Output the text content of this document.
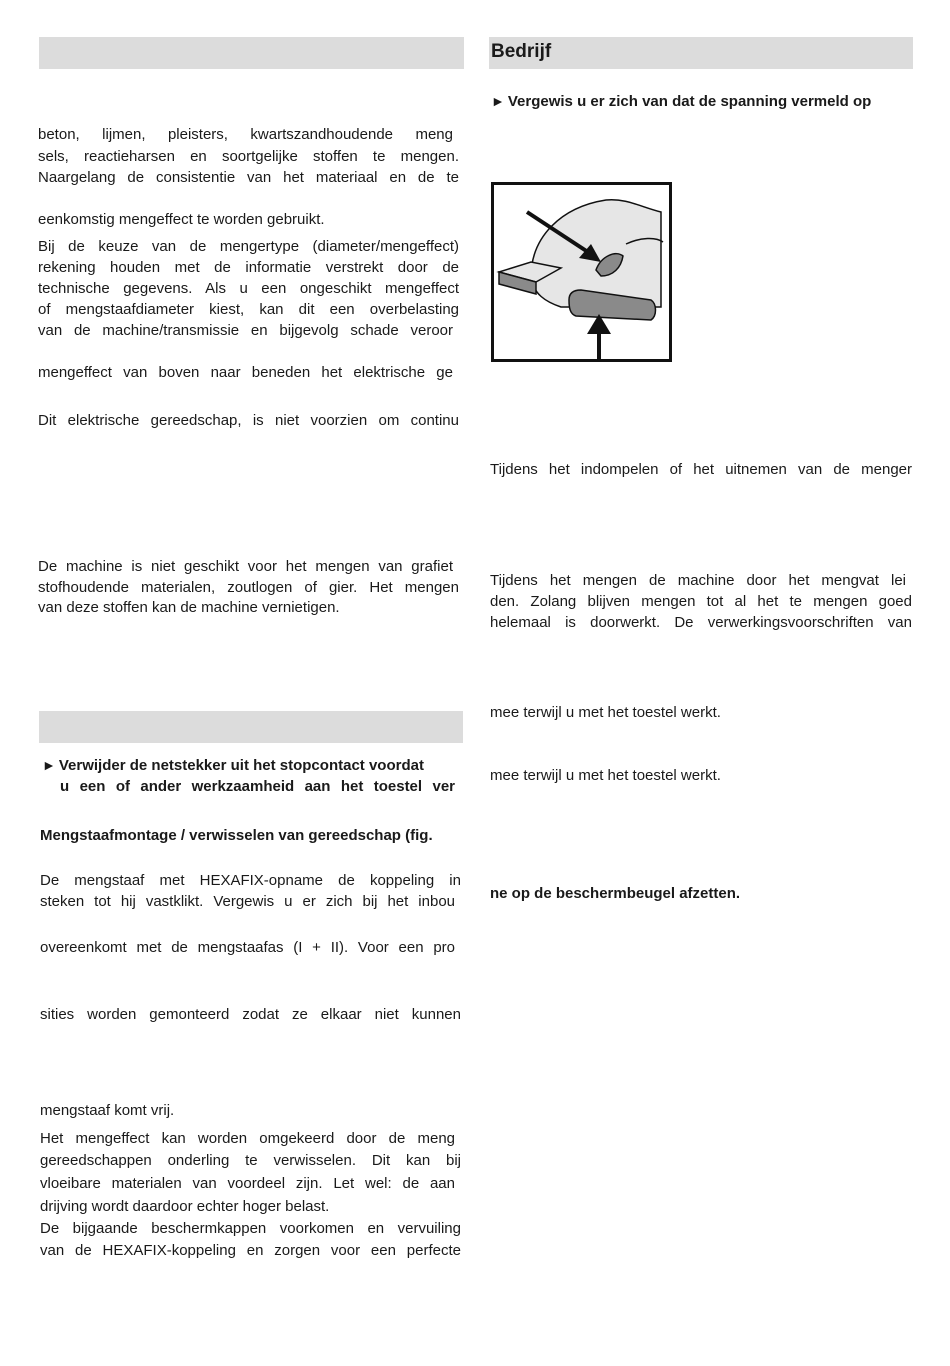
beton, lijmen, pleisters, kwartszandhoudende meng
sels, reactieharsen en soortgelijke stoffen te mengen.
Naargelang de consistentie van het materiaal en de te
eenkomstig mengeffect te worden gebruikt.
Bij de keuze van de mengertype (diameter/mengeffect)
rekening houden met de informatie verstrekt door de
technische gegevens. Als u een ongeschikt mengeffect
of mengstaafdiameter kiest, kan dit een overbelasting
van de machine/transmissie en bijgevolg schade veroor
mengeffect van boven naar beneden het elektrische ge
Dit elektrische gereedschap, is niet voorzien om continu
De machine is niet geschikt voor het mengen van grafiet
stofhoudende materialen, zoutlogen of gier. Het mengen
van deze stoffen kan de machine vernietigen.
► Verwijder de netstekker uit het stopcontact voordat
u een of ander werkzaamheid aan het toestel ver
Mengstaafmontage / verwisselen van gereedschap (fig.
De mengstaaf met HEXAFIX-opname de koppeling in
steken tot hij vastklikt. Vergewis u er zich bij het inbou
overeenkomt met de mengstaafas (I + II). Voor een pro
sities worden gemonteerd zodat ze elkaar niet kunnen
mengstaaf komt vrij.
Het mengeffect kan worden omgekeerd door de meng
gereedschappen onderling te verwisselen. Dit kan bij
vloeibare materialen van voordeel zijn. Let wel: de aan
drijving wordt daardoor echter hoger belast.
De bijgaande beschermkappen voorkomen en vervuiling
van de HEXAFIX-koppeling en zorgen voor een perfecte
Bedrijf
► Vergewis u er zich van dat de spanning vermeld op
Tijdens het indompelen of het uitnemen van de menger
Tijdens het mengen de machine door het mengvat lei
den. Zolang blijven mengen tot al het te mengen goed
helemaal is doorwerkt. De verwerkingsvoorschriften van
mee terwijl u met het toestel werkt.
mee terwijl u met het toestel werkt.
ne op de beschermbeugel afzetten.
